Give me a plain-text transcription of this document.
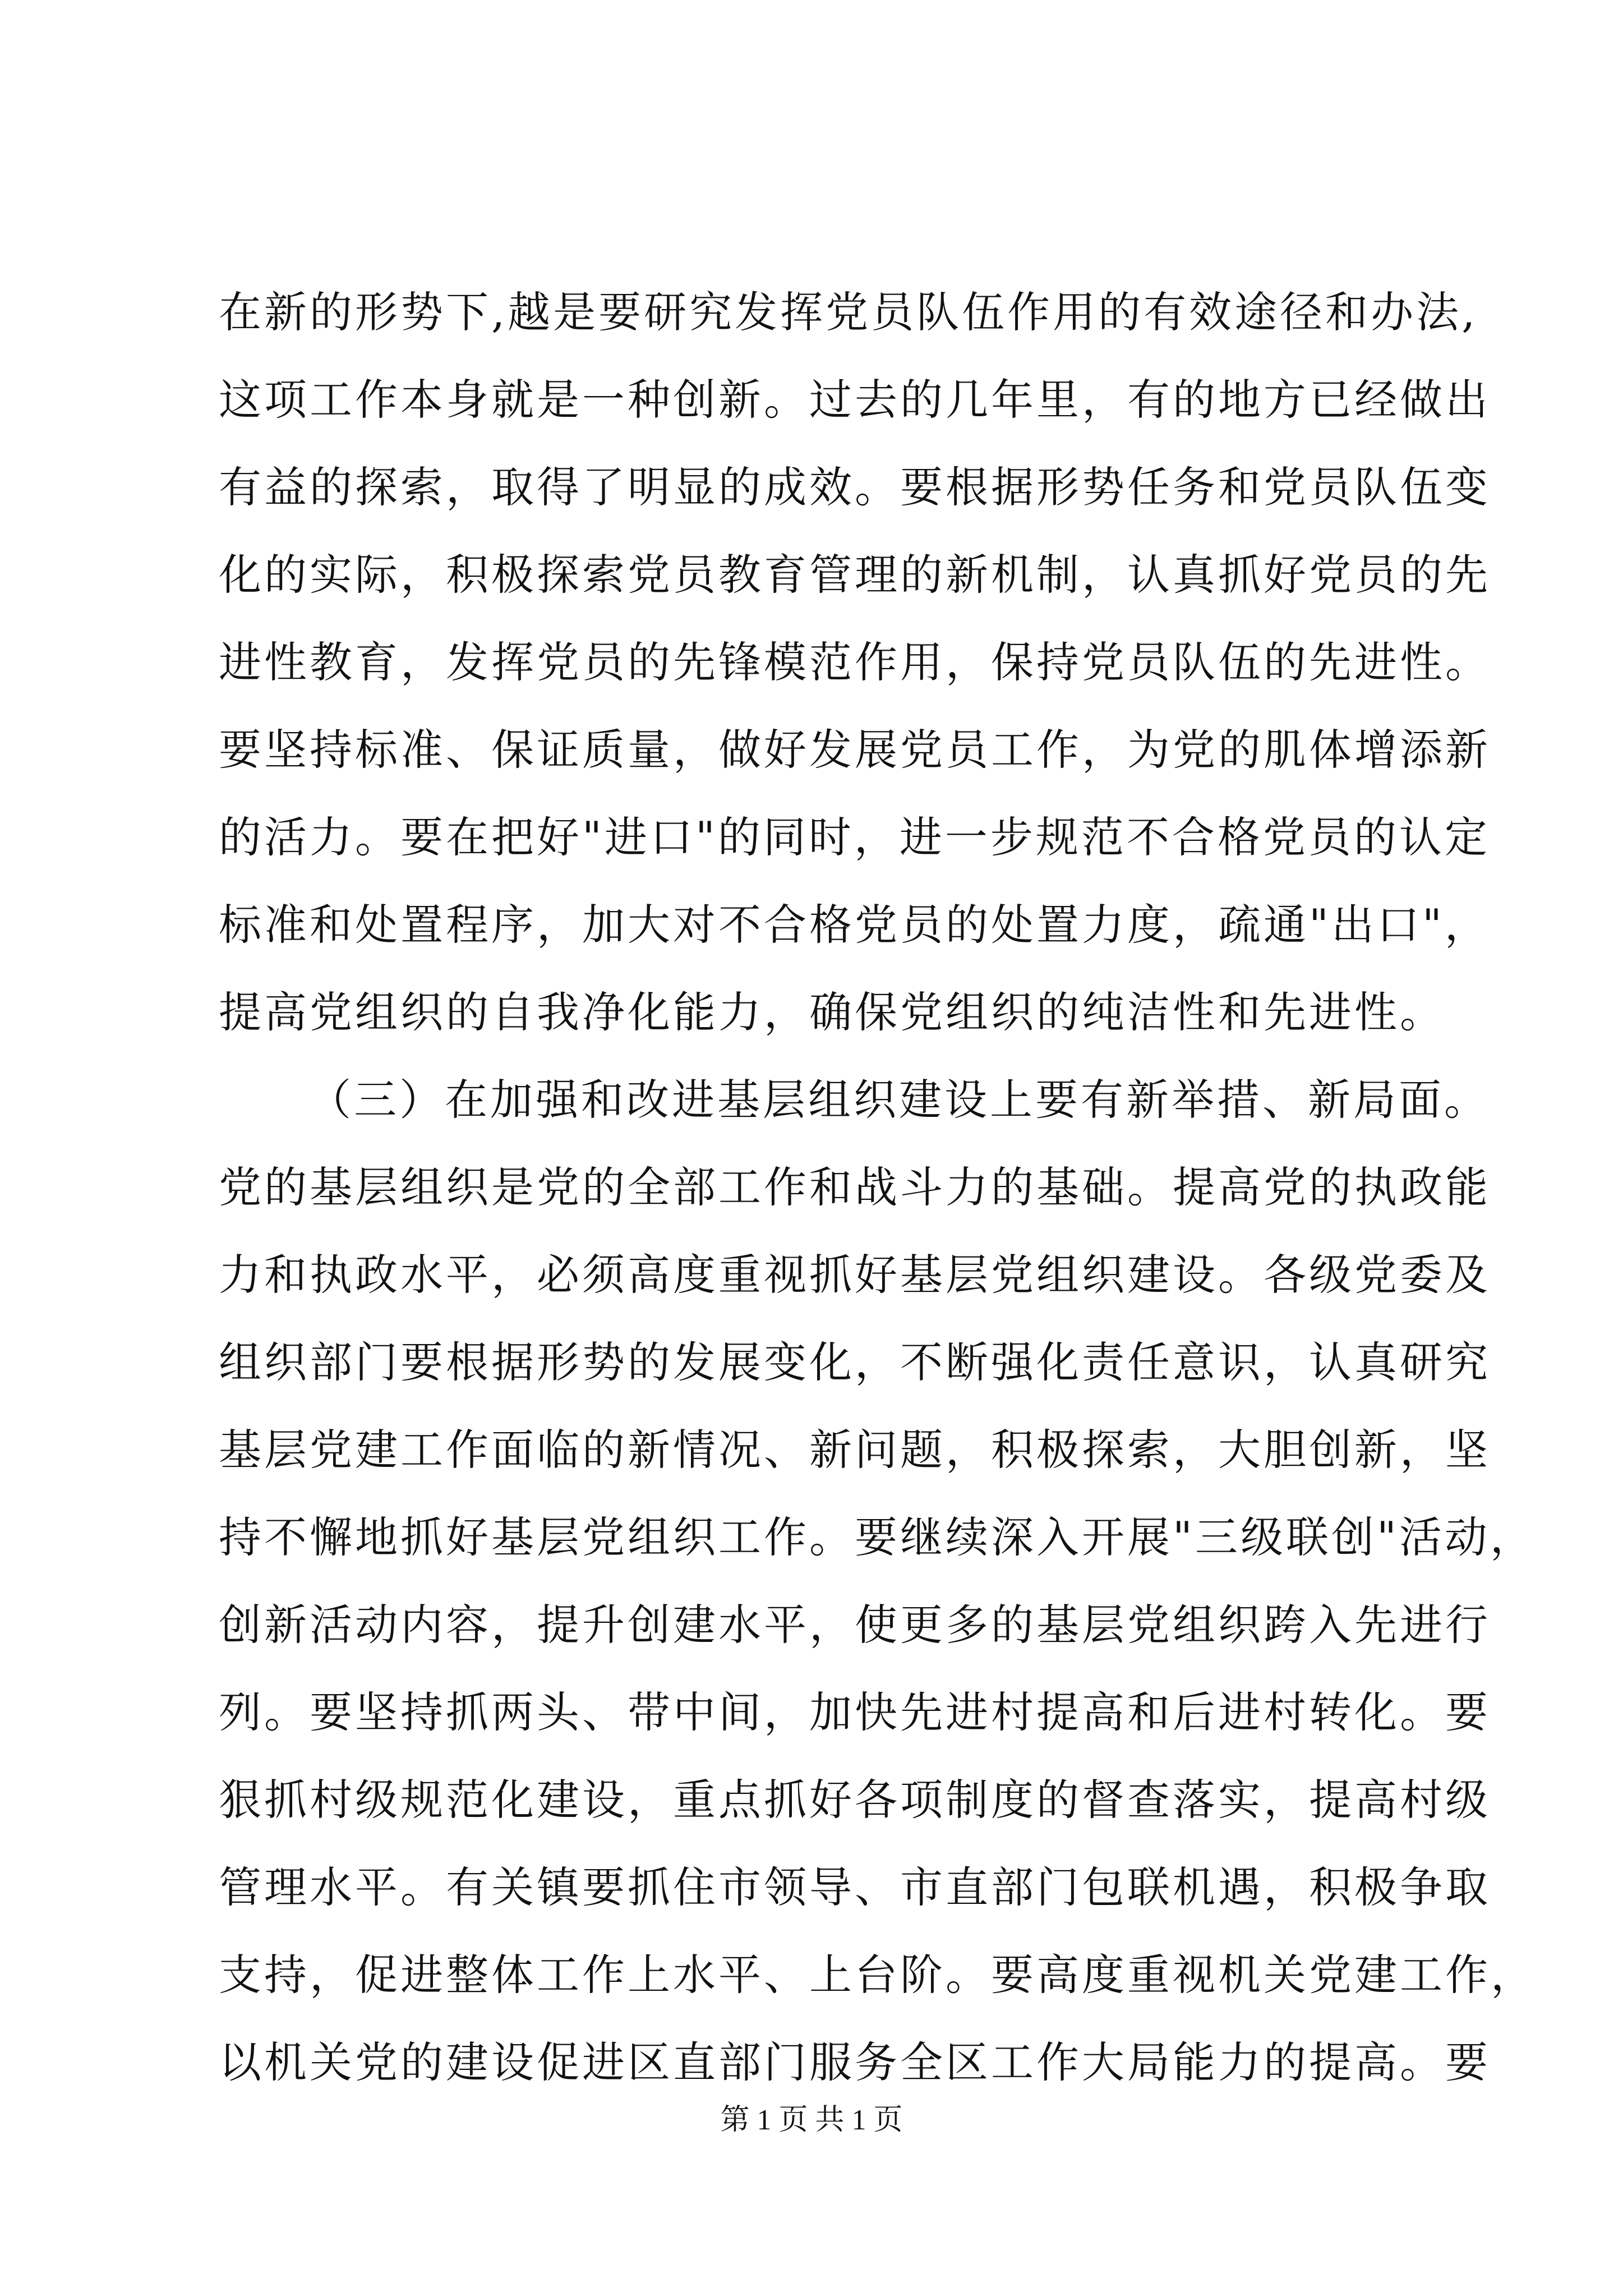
在新的形势下,越是要研究发挥党员队伍作用的有效途径和办法,
这项工作本身就是一种创新。过去的几年里，有的地方已经做出
有益的探索，取得了明显的成效。要根据形势任务和党员队伍变
化的实际，积极探索党员教育管理的新机制，认真抓好党员的先
进性教育，发挥党员的先锋模范作用，保持党员队伍的先进性。
要坚持标准、保证质量，做好发展党员工作，为党的肌体增添新
的活力。要在把好"进口"的同时，进一步规范不合格党员的认定
标准和处置程序，加大对不合格党员的处置力度，疏通"出口"，
提高党组织的自我净化能力，确保党组织的纯洁性和先进性。
（三）在加强和改进基层组织建设上要有新举措、新局面。
党的基层组织是党的全部工作和战斗力的基础。提高党的执政能
力和执政水平，必须高度重视抓好基层党组织建设。各级党委及
组织部门要根据形势的发展变化，不断强化责任意识，认真研究
基层党建工作面临的新情况、新问题，积极探索，大胆创新，坚
持不懈地抓好基层党组织工作。要继续深入开展"三级联创"活动，
创新活动内容，提升创建水平，使更多的基层党组织跨入先进行
列。要坚持抓两头、带中间，加快先进村提高和后进村转化。要
狠抓村级规范化建设，重点抓好各项制度的督查落实，提高村级
管理水平。有关镇要抓住市领导、市直部门包联机遇，积极争取
支持，促进整体工作上水平、上台阶。要高度重视机关党建工作，
以机关党的建设促进区直部门服务全区工作大局能力的提高。要
第 1 页 共 1 页
